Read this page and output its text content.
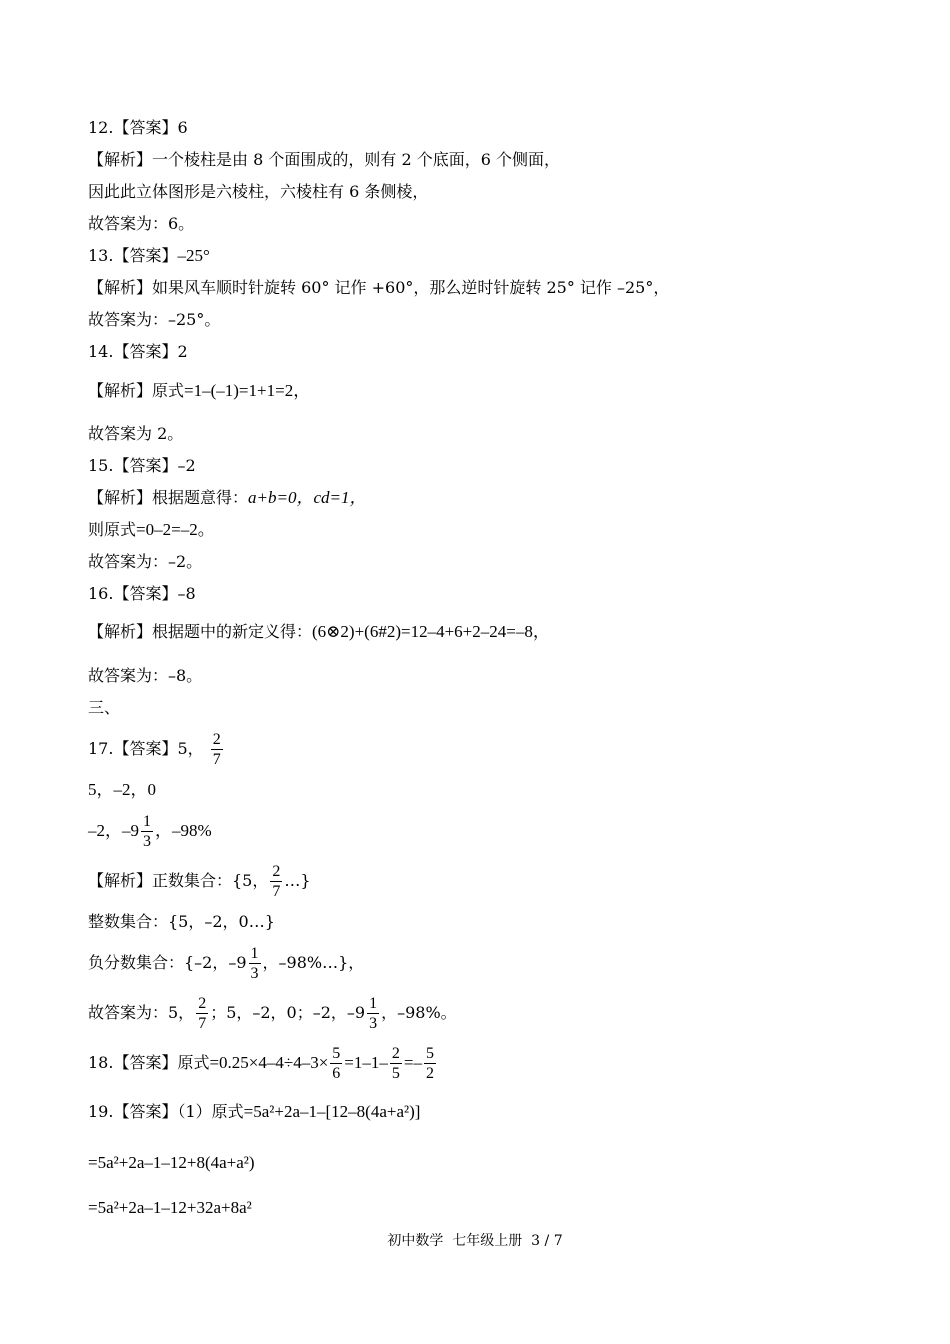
12.【答案】6
【解析】一个棱柱是由 8 个面围成的，则有 2 个底面，6 个侧面，
因此此立体图形是六棱柱，六棱柱有 6 条侧棱，
故答案为：6。
13.【答案】–25°
【解析】如果风车顺时针旋转 60° 记作 +60°，那么逆时针旋转 25° 记作 –25°，
故答案为：–25°。
14.【答案】2
【解析】原式=1–(–1)=1+1=2，
故答案为 2。
15.【答案】–2
【解析】根据题意得：a+b=0，cd=1，
则原式=0–2=–2。
故答案为：–2。
16.【答案】–8
【解析】根据题中的新定义得：(6⊗2)+(6#2)=12–4+6+2–24=–8，
故答案为：–8。
三、
17.【答案】5， $\frac{2}{7}$
5，–2，0
–2，$-9 \frac{1}{3}$ ，–98%
【解析】正数集合：{5， $\frac{2}{7}$ …}
整数集合：{5，–2，0…}
负分数集合：{–2，$-9 \frac{1}{3}$ ，–98%…}，
故答案为：5， $\frac{2}{7}$ ；5，–2，0；–2，$-9 \frac{1}{3}$ ，–98%。
18.【答案】原式$=0.25\times 4-4\div 4-3\times \frac{5}{6} =1-1- \frac{2}{5} =- \frac{5}{2}$
19.【答案】（1）原式=5a²+2a–1–[12–8(4a+a²)]
=5a²+2a–1–12+8(4a+a²)
=5a²+2a–1–12+32a+8a²
初中数学  七年级上册  3 / 7
